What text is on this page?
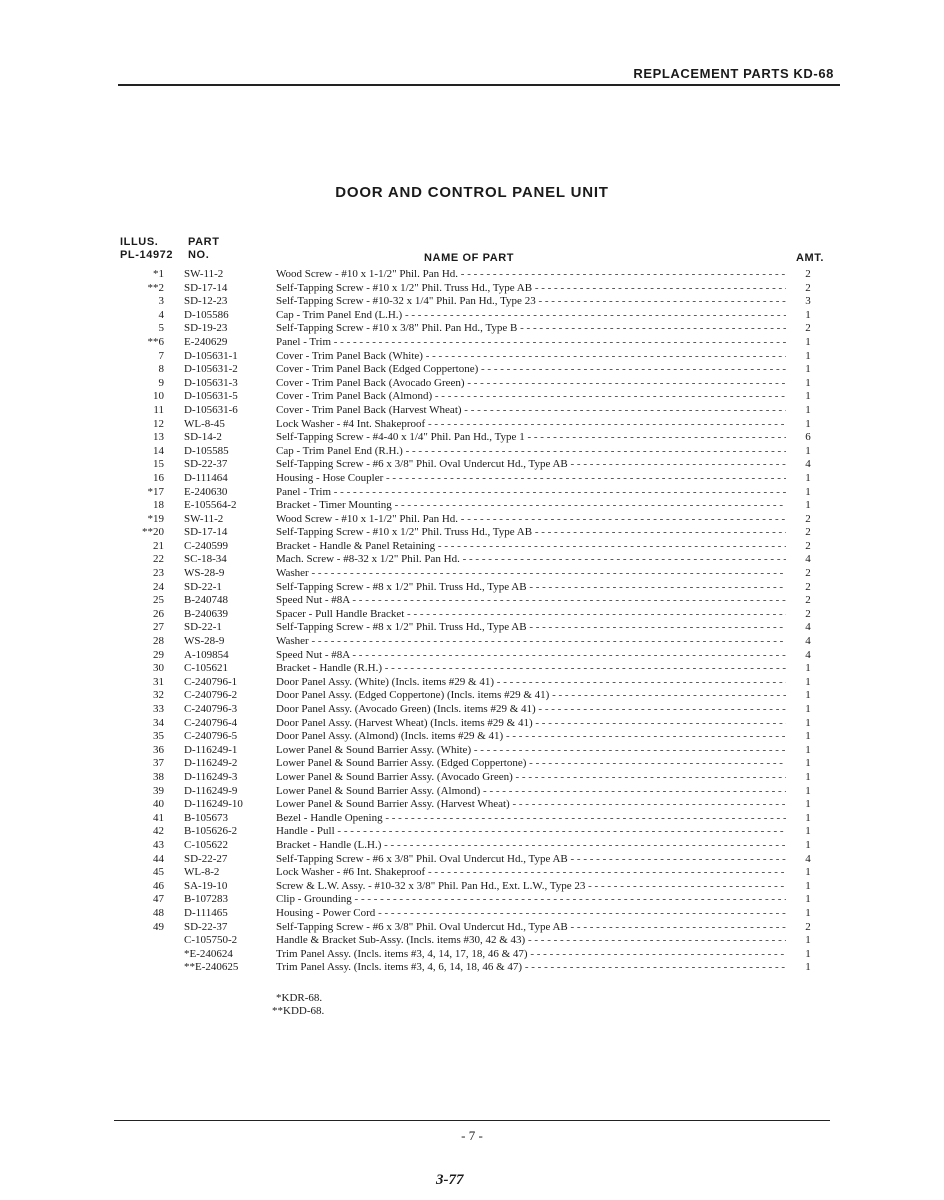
REPLACEMENT PARTS KD-68
DOOR AND CONTROL PANEL UNIT
ILLUS.
PL-14972
PART
NO.	NAME OF PART	AMT.
*1 SW-11-2	Wood Screw - #10 x 1-1/2" Phil. Pan Hd. - - -	2
**2 SD-17-14	Self-Tapping Screw - #10 x 1/2" Phil. Truss Hd., Type AB - - -	2
3 SD-12-23	Self-Tapping Screw - #10-32 x 1/4" Phil. Pan Hd., Type 23 - - -	3
4 D-105586	Cap - Trim Panel End (L.H.) - - -	1
5 SD-19-23	Self-Tapping Screw - #10 x 3/8" Phil. Pan Hd., Type B - - -	2
**6 E-240629	Panel - Trim - - -	1
7 D-105631-1	Cover - Trim Panel Back (White) - - -	1
8 D-105631-2	Cover - Trim Panel Back (Edged Coppertone) - - -	1
9 D-105631-3	Cover - Trim Panel Back (Avocado Green) - - -	1
10 D-105631-5	Cover - Trim Panel Back (Almond) - - -	1
11 D-105631-6	Cover - Trim Panel Back (Harvest Wheat) - - -	1
12 WL-8-45	Lock Washer - #4 Int. Shakeproof - - -	1
13 SD-14-2	Self-Tapping Screw - #4-40 x 1/4" Phil. Pan Hd., Type 1 - - -	6
14 D-105585	Cap - Trim Panel End (R.H.) - - -	1
15 SD-22-37	Self-Tapping Screw - #6 x 3/8" Phil. Oval Undercut Hd., Type AB - - -	4
16 D-111464	Housing - Hose Coupler - - -	1
*17 E-240630	Panel - Trim - - -	1
18 E-105564-2	Bracket - Timer Mounting - - -	1
*19 SW-11-2	Wood Screw - #10 x 1-1/2" Phil. Pan Hd. - - -	2
**20 SD-17-14	Self-Tapping Screw - #10 x 1/2" Phil. Truss Hd., Type AB - - -	2
21 C-240599	Bracket - Handle & Panel Retaining - - -	2
22 SC-18-34	Mach. Screw - #8-32 x 1/2" Phil. Pan Hd. - - -	4
23 WS-28-9	Washer - - -	2
24 SD-22-1	Self-Tapping Screw - #8 x 1/2" Phil. Truss Hd., Type AB - - -	2
25 B-240748	Speed Nut - #8A - - -	2
26 B-240639	Spacer - Pull Handle Bracket - - -	2
27 SD-22-1	Self-Tapping Screw - #8 x 1/2" Phil. Truss Hd., Type AB - - -	4
28 WS-28-9	Washer - - -	4
29 A-109854	Speed Nut - #8A - - -	4
30 C-105621	Bracket - Handle (R.H.) - - -	1
31 C-240796-1	Door Panel Assy. (White) (Incls. items #29 & 41) - - -	1
32 C-240796-2	Door Panel Assy. (Edged Coppertone) (Incls. items #29 & 41) - - -	1
33 C-240796-3	Door Panel Assy. (Avocado Green) (Incls. items #29 & 41) - - -	1
34 C-240796-4	Door Panel Assy. (Harvest Wheat) (Incls. items #29 & 41) - - -	1
35 C-240796-5	Door Panel Assy. (Almond) (Incls. items #29 & 41) - - -	1
36 D-116249-1	Lower Panel & Sound Barrier Assy. (White) - - -	1
37 D-116249-2	Lower Panel & Sound Barrier Assy. (Edged Coppertone) - - -	1
38 D-116249-3	Lower Panel & Sound Barrier Assy. (Avocado Green) - - -	1
39 D-116249-9	Lower Panel & Sound Barrier Assy. (Almond) - - -	1
40 D-116249-10	Lower Panel & Sound Barrier Assy. (Harvest Wheat) - - -	1
41 B-105673	Bezel - Handle Opening - - -	1
42 B-105626-2	Handle - Pull - - -	1
43 C-105622	Bracket - Handle (L.H.) - - -	1
44 SD-22-27	Self-Tapping Screw - #6 x 3/8" Phil. Oval Undercut Hd., Type AB - - -	4
45 WL-8-2	Lock Washer - #6 Int. Shakeproof - - -	1
46 SA-19-10	Screw & L.W. Assy. - #10-32 x 3/8" Phil. Pan Hd., Ext. L.W., Type 23 - - -	1
47 B-107283	Clip - Grounding - - -	1
48 D-111465	Housing - Power Cord - - -	1
49 SD-22-37	Self-Tapping Screw - #6 x 3/8" Phil. Oval Undercut Hd., Type AB - - -	2
C-105750-2	Handle & Bracket Sub-Assy. (Incls. items #30, 42 & 43) - - -	1
*E-240624	Trim Panel Assy. (Incls. items #3, 4, 14, 17, 18, 46 & 47) - - -	1
**E-240625	Trim Panel Assy. (Incls. items #3, 4, 6, 14, 18, 46 & 47) - - -	1
*KDR-68.
**KDD-68.
- 7 -
3-77
